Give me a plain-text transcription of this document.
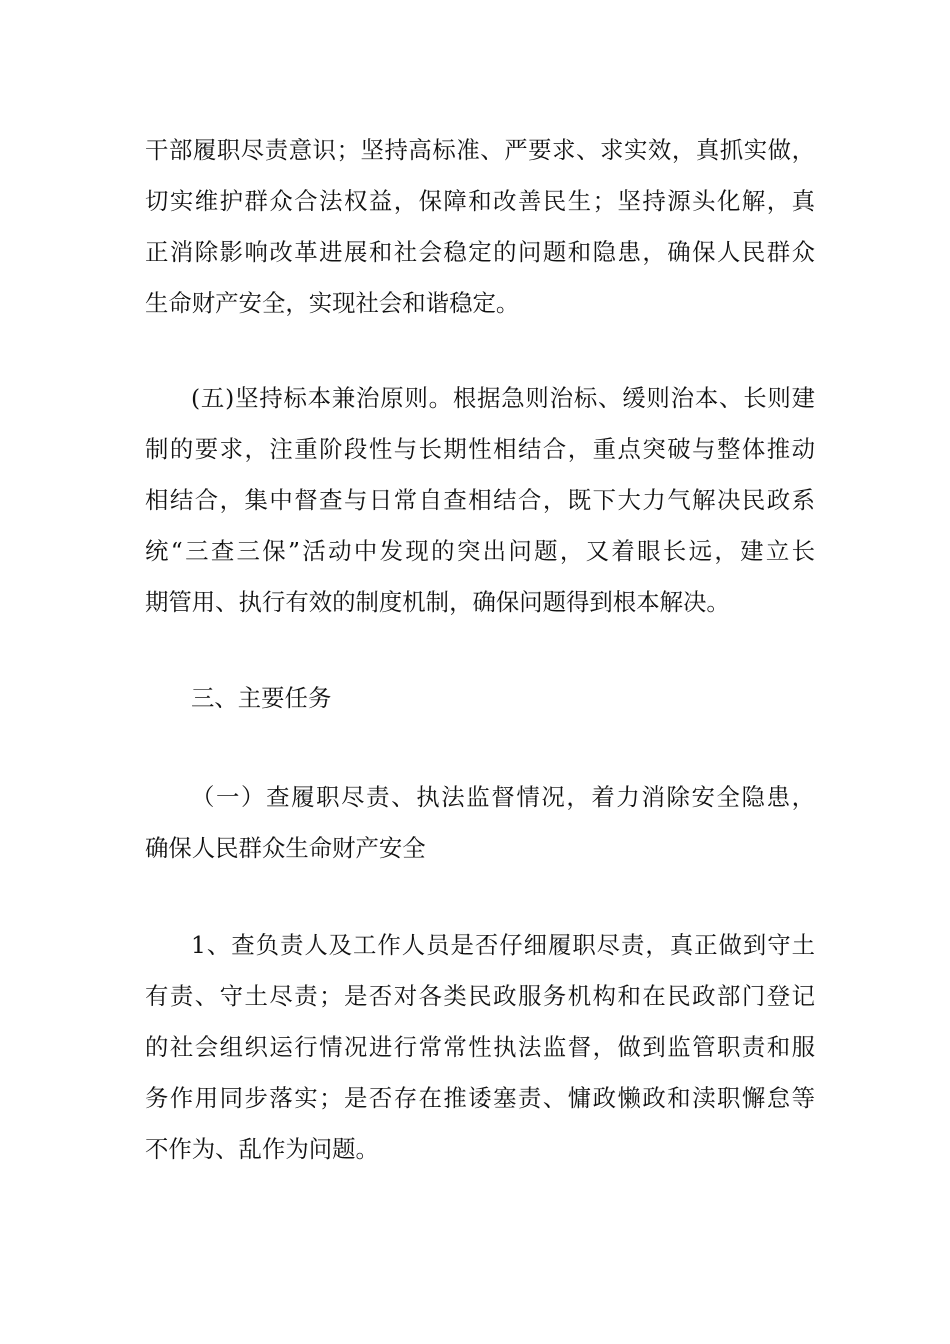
干部履职尽责意识；坚持高标准、严要求、求实效，真抓实做，
切实维护群众合法权益，保障和改善民生；坚持源头化解，真
正消除影响改革进展和社会稳定的问题和隐患，确保人民群众
生命财产安全，实现社会和谐稳定。
(五)坚持标本兼治原则。根据急则治标、缓则治本、长则建
制的要求，注重阶段性与长期性相结合，重点突破与整体推动
相结合，集中督查与日常自查相结合，既下大力气解决民政系
统“三查三保”活动中发现的突出问题，又着眼长远，建立长
期管用、执行有效的制度机制，确保问题得到根本解决。
三、主要任务
（一）查履职尽责、执法监督情况，着力消除安全隐患，
确保人民群众生命财产安全
1、查负责人及工作人员是否仔细履职尽责，真正做到守土
有责、守土尽责；是否对各类民政服务机构和在民政部门登记
的社会组织运行情况进行常常性执法监督，做到监管职责和服
务作用同步落实；是否存在推诿塞责、慵政懒政和渎职懈怠等
不作为、乱作为问题。
